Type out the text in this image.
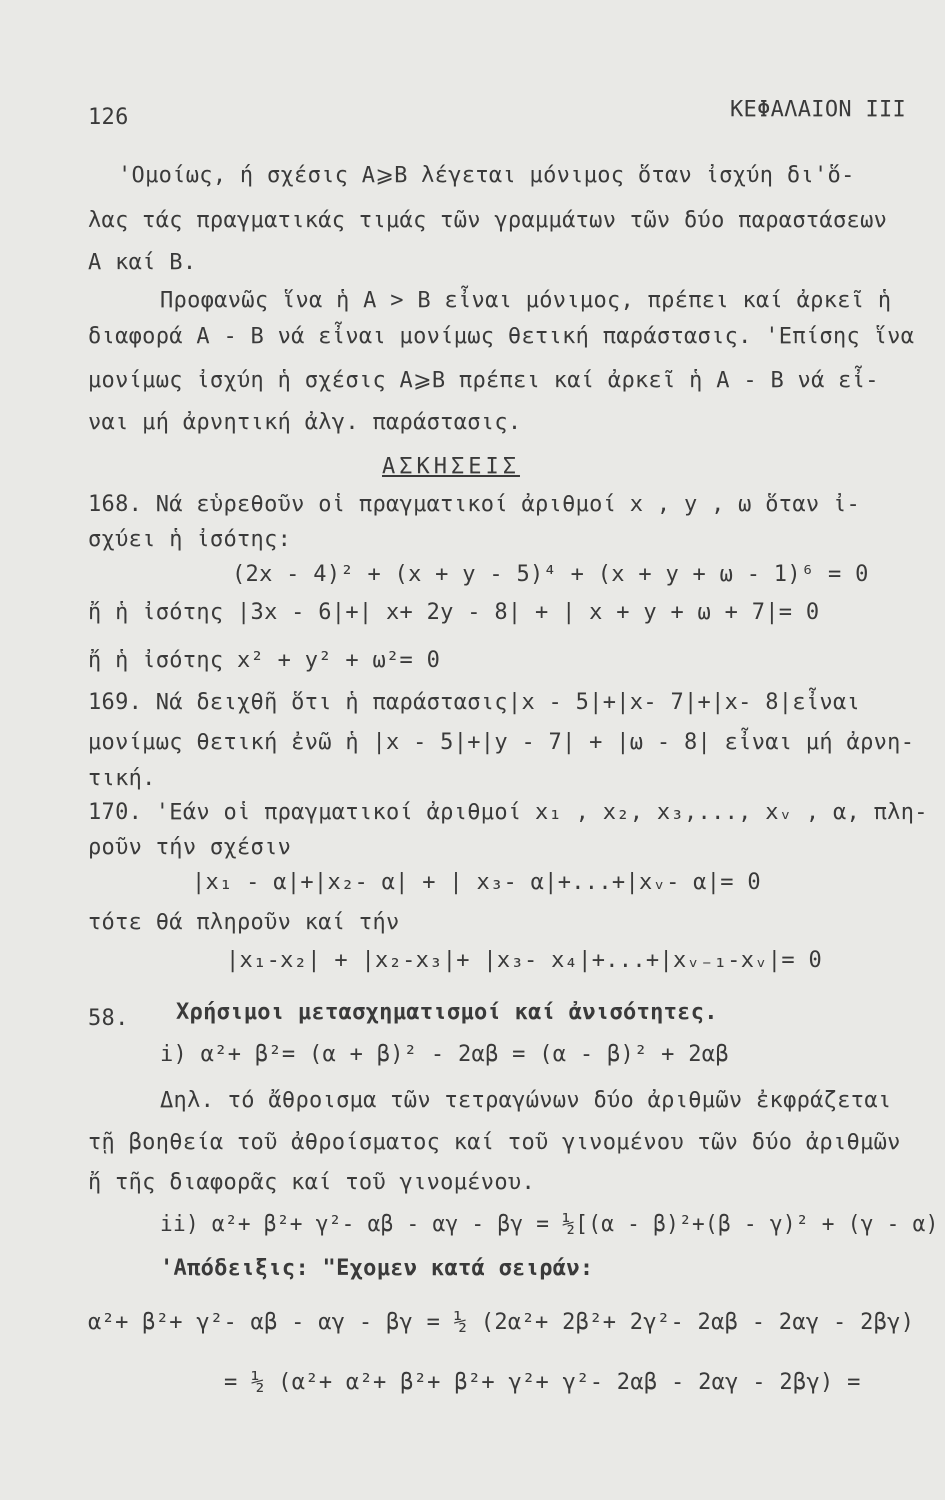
126	ΚΕΦΑΛΑΙΟΝ ΙΙΙ
'Ομοίως, ή σχέσις Α⩾Β λέγεται μόνιμος ὅταν ἰσχύη δι'ὅ-
λας τάς πραγματικάς τιμάς τῶν γραμμάτων τῶν δύο παραστάσεων
Α καί Β.
Προφανῶς ἵνα ἡ Α > Β εἶναι μόνιμος, πρέπει καί ἀρκεῖ ἡ
διαφορά Α - Β νά εἶναι μονίμως θετική παράστασις. 'Επίσης ἵνα
μονίμως ἰσχύη ἡ σχέσις Α⩾Β πρέπει καί ἀρκεῖ ἡ Α - Β νά εἶ-
ναι μή ἀρνητική ἀλγ. παράστασις.
ΑΣΚΗΣΕΙΣ
168. Νά εὑρεθοῦν οἱ πραγματικοί ἀριθμοί x , y , ω ὅταν ἰ-
σχύει ἡ ἰσότης:
(2x - 4)² + (x + y - 5)⁴ + (x + y + ω - 1)⁶ = 0
ἤ ἡ ἰσότης |3x - 6|+| x+ 2y - 8| + | x + y + ω + 7|= 0
ἤ ἡ ἰσότης x² + y² + ω²= 0
169. Νά δειχθῆ ὅτι ἡ παράστασις|x - 5|+|x- 7|+|x- 8|εἶναι
μονίμως θετική ἐνῶ ἡ |x - 5|+|y - 7| + |ω - 8| εἶναι μή ἀρνη-
τική.
170. 'Εάν οἱ πραγματικοί ἀριθμοί x₁ , x₂, x₃,..., xᵥ , α, πλη-
ροῦν τήν σχέσιν
|x₁ - α|+|x₂- α| + | x₃- α|+...+|xᵥ- α|= 0
τότε θά πληροῦν καί τήν
|x₁-x₂| + |x₂-x₃|+ |x₃- x₄|+...+|xᵥ₋₁-xᵥ|= 0
58. Χρήσιμοι μετασχηματισμοί καί ἀνισότητες.
i) α²+ β²= (α + β)² - 2αβ = (α - β)² + 2αβ
Δηλ. τό ἄθροισμα τῶν τετραγώνων δύο ἀριθμῶν ἐκφράζεται
τῇ βοηθεία τοῦ ἀθροίσματος καί τοῦ γινομένου τῶν δύο ἀριθμῶν
ἤ τῆς διαφορᾶς καί τοῦ γινομένου.
ii) α²+ β²+ γ²- αβ - αγ - βγ = ½[(α - β)²+(β - γ)² + (γ - α)
'Απόδειξις: "Εχομεν κατά σειράν:
α²+ β²+ γ²- αβ - αγ - βγ = ½ (2α²+ 2β²+ 2γ²- 2αβ - 2αγ - 2βγ)
= ½ (α²+ α²+ β²+ β²+ γ²+ γ²- 2αβ - 2αγ - 2βγ) =
